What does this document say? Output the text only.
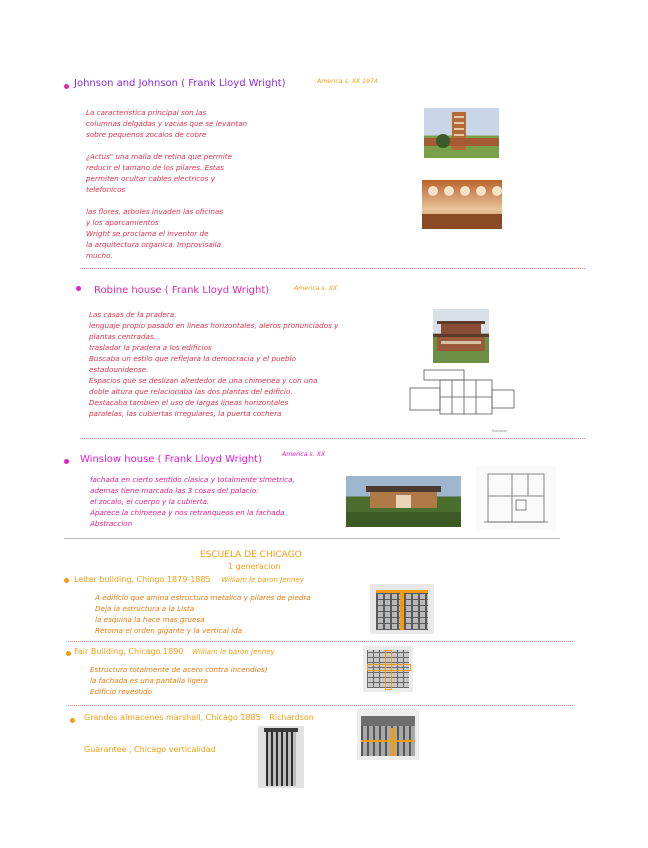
Johnson and Johnson ( Frank Lloyd Wright)	America s. XX 1974
La caracteristica principal son las
columnas delgadas y vacias que se levantan
sobre pequenos zocalos de cobre
¿Actus" una malla de retina que permite
reducir el tamano de los pilares. Estas
permiten ocultar cables electricos y
telefonicos
las flores, arboles invaden las oficinas
y los aparcamientos
Wright se proclama el inventor de
la arquitectura organica. Improvisaila
mucho.
Robine house ( Frank Lloyd Wright)	America s. XX
Las casas de la pradera.
lenguaje propio pasado en lineas horizontales, aleros pronunciados y
plantas centradas.
trasladar la pradera a los edificios
Buscaba un estilo que reflejara la democracia y el pueblo
estadounidense.
Espacios que se deslizan alrededor de una chimenea y con una
doble altura que relacionaba las dos plantas del edificio.
Destacaba tambien el uso de largas lineas horizontales
paralelas, las cubiertas irregulares, la puerta cochera
floorplan
Winslow house ( Frank Lloyd Wright)	America s. XX
fachada en cierto sentido clasica y totalmente simetrica,
ademas tiene marcada las 3 cosas del palacio:
el zocalo, el cuerpo y la cubierta.
Aparece la chimenea y nos retranqueos en la fachada
Abstraccion
ESCUELA DE CHICAGO
1 generacion
Leiter building, Chingo 1879-1885 William le baron Jenney
A edificio que amina estructura metalica y pilares de piedra
Deja la estructura a la Lista
la esquina la hace mas gruesa
Retoma el orden gigante y la vertical ida
Fair Building, Chicago 1890 William le baron Jenney
Estructura totalmente de acero contra incendios)
la fachada es una pantalla ligera
Edificio revestido
Grandes almacenes marshall, Chicago 1885 Richardson
Guarantee , Chicago verticalidad
